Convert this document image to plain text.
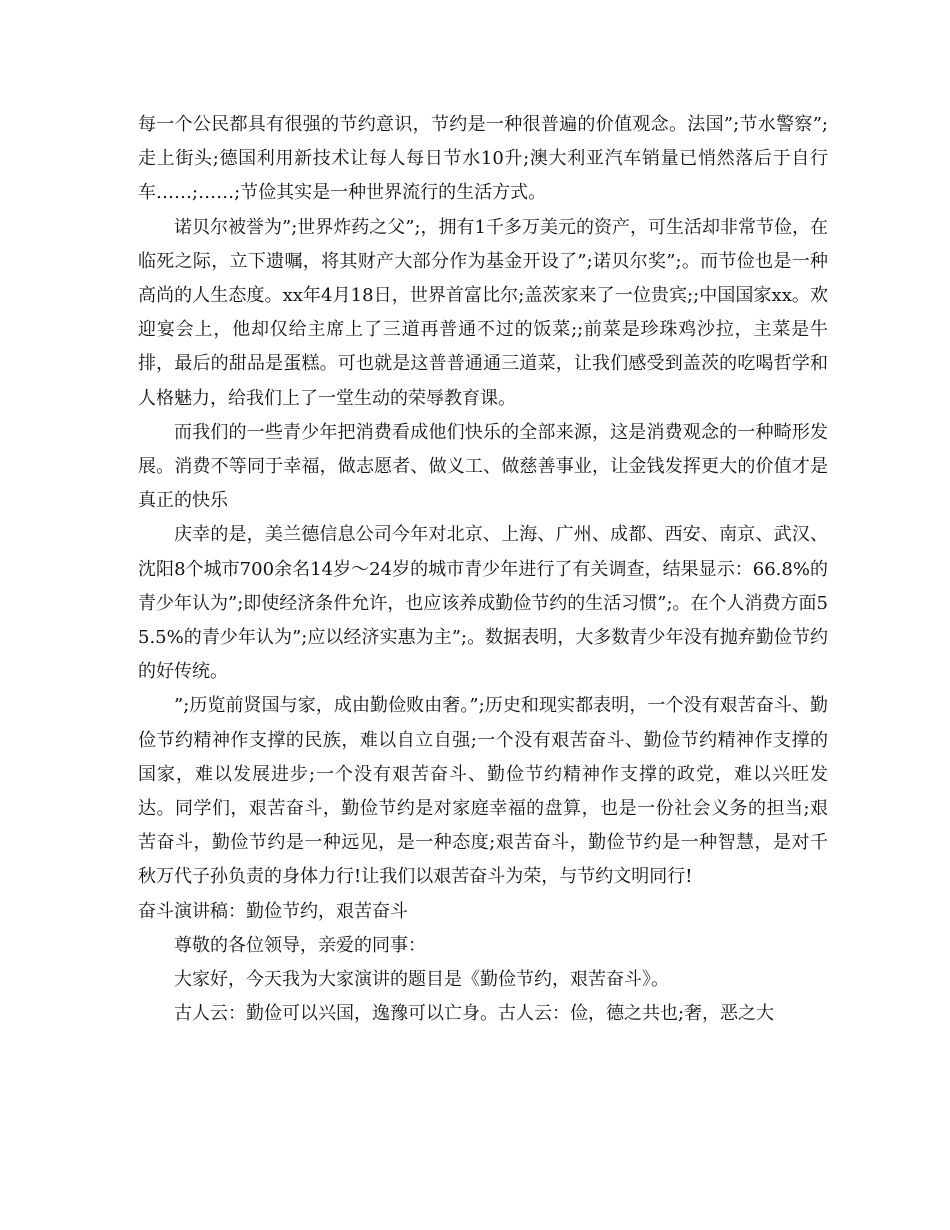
每一个公民都具有很强的节约意识，节约是一种很普遍的价值观念。法国”;节水警察”;走上街头;德国利用新技术让每人每日节水10升;澳大利亚汽车销量已悄然落后于自行车……;……;节俭其实是一种世界流行的生活方式。

诺贝尔被誉为”;世界炸药之父”;，拥有1千多万美元的资产，可生活却非常节俭，在临死之际，立下遗嘱，将其财产大部分作为基金开设了”;诺贝尔奖”;。而节俭也是一种高尚的人生态度。xx年4月18日，世界首富比尔;盖茨家来了一位贵宾;;中国国家xx。欢迎宴会上，他却仅给主席上了三道再普通不过的饭菜;;前菜是珍珠鸡沙拉，主菜是牛排，最后的甜品是蛋糕。可也就是这普普通通三道菜，让我们感受到盖茨的吃喝哲学和人格魅力，给我们上了一堂生动的荣辱教育课。

而我们的一些青少年把消费看成他们快乐的全部来源，这是消费观念的一种畸形发展。消费不等同于幸福，做志愿者、做义工、做慈善事业，让金钱发挥更大的价值才是真正的快乐

庆幸的是，美兰德信息公司今年对北京、上海、广州、成都、西安、南京、武汉、沈阳8个城市700余名14岁～24岁的城市青少年进行了有关调查，结果显示：66.8%的青少年认为”;即使经济条件允许，也应该养成勤俭节约的生活习惯”;。在个人消费方面55.5%的青少年认为”;应以经济实惠为主”;。数据表明，大多数青少年没有抛弃勤俭节约的好传统。

”;历览前贤国与家，成由勤俭败由奢。”;历史和现实都表明，一个没有艰苦奋斗、勤俭节约精神作支撑的民族，难以自立自强;一个没有艰苦奋斗、勤俭节约精神作支撑的国家，难以发展进步;一个没有艰苦奋斗、勤俭节约精神作支撑的政党，难以兴旺发达。同学们，艰苦奋斗，勤俭节约是对家庭幸福的盘算，也是一份社会义务的担当;艰苦奋斗，勤俭节约是一种远见，是一种态度;艰苦奋斗，勤俭节约是一种智慧，是对千秋万代子孙负责的身体力行!让我们以艰苦奋斗为荣，与节约文明同行!

奋斗演讲稿：勤俭节约，艰苦奋斗

尊敬的各位领导，亲爱的同事：

大家好，今天我为大家演讲的题目是《勤俭节约，艰苦奋斗》。

古人云：勤俭可以兴国，逸豫可以亡身。古人云：俭，德之共也;奢，恶之大
